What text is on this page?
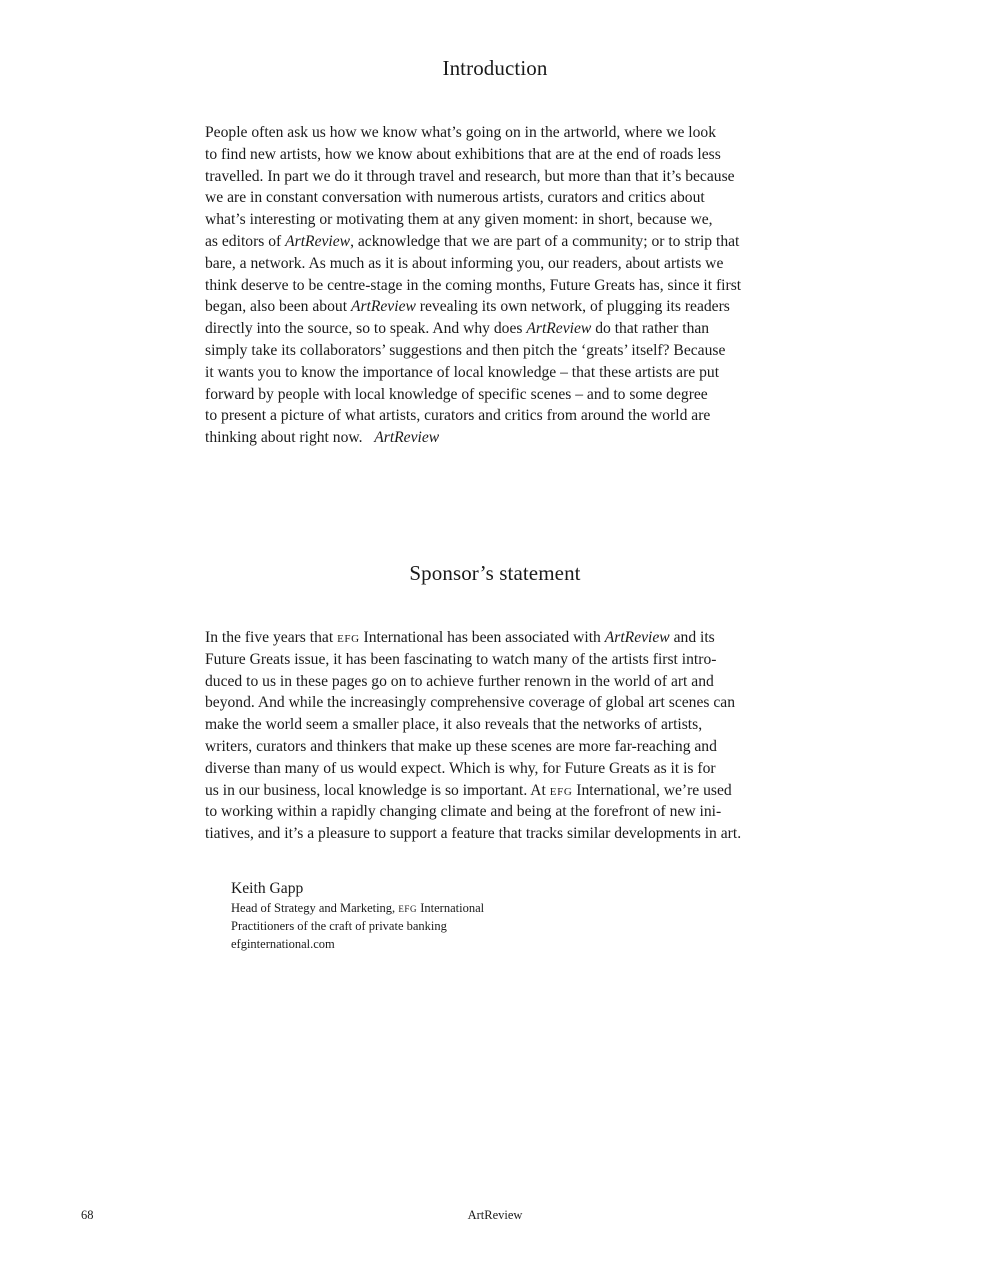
Introduction
People often ask us how we know what’s going on in the artworld, where we look
to find new artists, how we know about exhibitions that are at the end of roads less
travelled. In part we do it through travel and research, but more than that it’s because
we are in constant conversation with numerous artists, curators and critics about
what’s interesting or motivating them at any given moment: in short, because we,
as editors of ArtReview, acknowledge that we are part of a community; or to strip that
bare, a network. As much as it is about informing you, our readers, about artists we
think deserve to be centre-stage in the coming months, Future Greats has, since it first
began, also been about ArtReview revealing its own network, of plugging its readers
directly into the source, so to speak. And why does ArtReview do that rather than
simply take its collaborators’ suggestions and then pitch the ‘greats’ itself? Because
it wants you to know the importance of local knowledge – that these artists are put
forward by people with local knowledge of specific scenes – and to some degree
to present a picture of what artists, curators and critics from around the world are
thinking about right now.   ArtReview
Sponsor’s statement
In the five years that efg International has been associated with ArtReview and its
Future Greats issue, it has been fascinating to watch many of the artists first intro-
duced to us in these pages go on to achieve further renown in the world of art and
beyond. And while the increasingly comprehensive coverage of global art scenes can
make the world seem a smaller place, it also reveals that the networks of artists,
writers, curators and thinkers that make up these scenes are more far-reaching and
diverse than many of us would expect. Which is why, for Future Greats as it is for
us in our business, local knowledge is so important. At efg International, we’re used
to working within a rapidly changing climate and being at the forefront of new ini-
tiatives, and it’s a pleasure to support a feature that tracks similar developments in art.
Keith Gapp
Head of Strategy and Marketing, efg International
Practitioners of the craft of private banking
efginternational.com
68	ArtReview
